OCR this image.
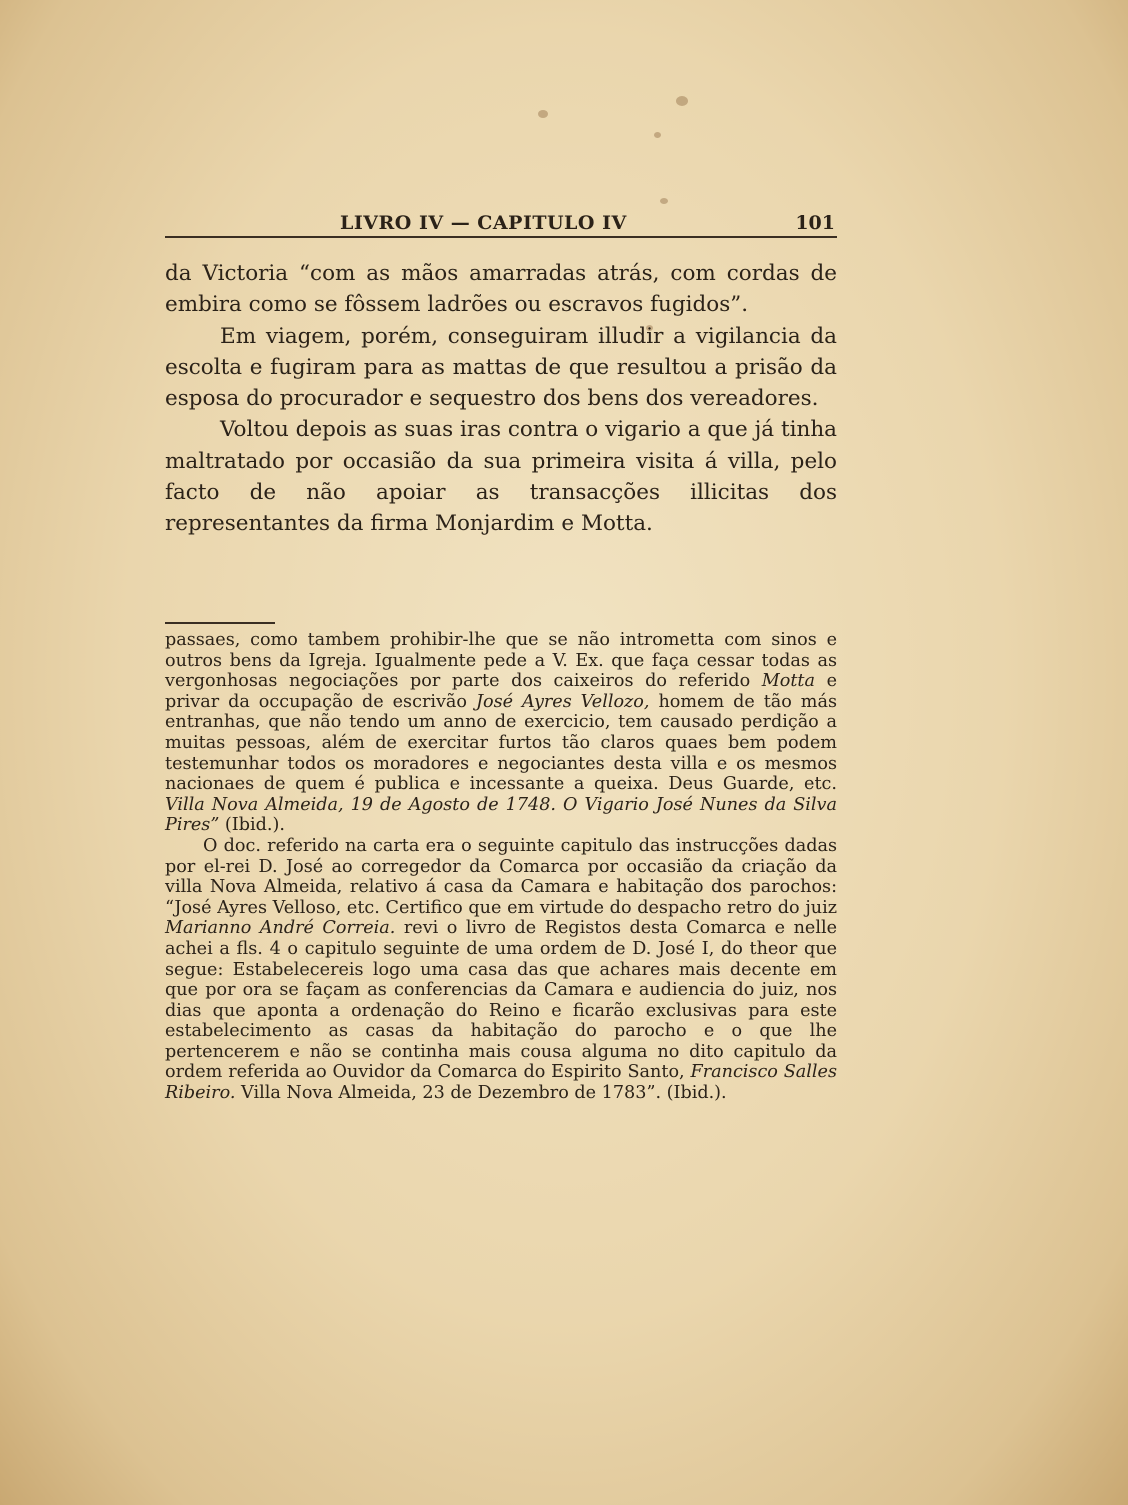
LIVRO IV — CAPITULO IV	101

da Victoria “com as mãos amarradas atrás, com cordas de embira como se fôssem ladrões ou escravos fugidos”.

Em viagem, porém, conseguiram illudir a vigilancia da escolta e fugiram para as mattas de que resultou a prisão da esposa do procurador e sequestro dos bens dos vereadores.

Voltou depois as suas iras contra o vigario a que já tinha maltratado por occasião da sua primeira visita á villa, pelo facto de não apoiar as transacções illicitas dos representantes da firma Monjardim e Motta.

passaes, como tambem prohibir-lhe que se não intrometta com sinos e outros bens da Igreja. Igualmente pede a V. Ex. que faça cessar todas as vergonhosas negociações por parte dos caixeiros do referido Motta e privar da occupação de escrivão José Ayres Vellozo, homem de tão más entranhas, que não tendo um anno de exercicio, tem causado perdição a muitas pessoas, além de exercitar furtos tão claros quaes bem podem testemunhar todos os moradores e negociantes desta villa e os mesmos nacionaes de quem é publica e incessante a queixa. Deus Guarde, etc. Villa Nova Almeida, 19 de Agosto de 1748. O Vigario José Nunes da Silva Pires” (Ibid.).

O doc. referido na carta era o seguinte capitulo das instrucções dadas por el-rei D. José ao corregedor da Comarca por occasião da criação da villa Nova Almeida, relativo á casa da Camara e habitação dos parochos: “José Ayres Velloso, etc. Certifico que em virtude do despacho retro do juiz Marianno André Correia. revi o livro de Registos desta Comarca e nelle achei a fls. 4 o capitulo seguinte de uma ordem de D. José I, do theor que segue: Estabelecereis logo uma casa das que achares mais decente em que por ora se façam as conferencias da Camara e audiencia do juiz, nos dias que aponta a ordenação do Reino e ficarão exclusivas para este estabelecimento as casas da habitação do parocho e o que lhe pertencerem e não se continha mais cousa alguma no dito capitulo da ordem referida ao Ouvidor da Comarca do Espirito Santo, Francisco Salles Ribeiro. Villa Nova Almeida, 23 de Dezembro de 1783”. (Ibid.).
